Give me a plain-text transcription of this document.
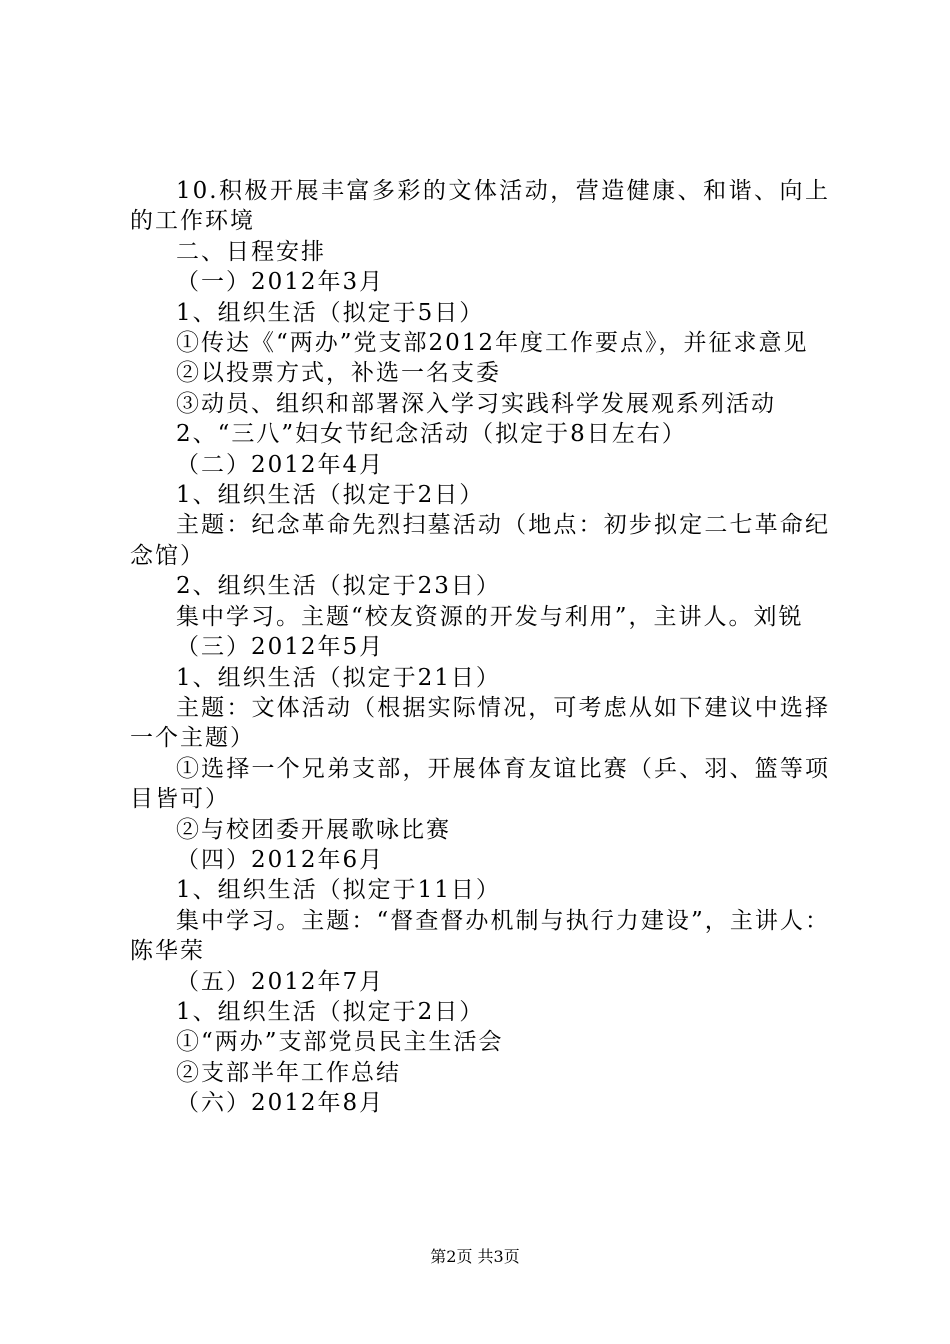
10.积极开展丰富多彩的文体活动，营造健康、和谐、向上的工作环境

二、日程安排

（一）2012年3月

1、组织生活（拟定于5日）

①传达《“两办”党支部2012年度工作要点》，并征求意见

②以投票方式，补选一名支委

③动员、组织和部署深入学习实践科学发展观系列活动

2、“三八”妇女节纪念活动（拟定于8日左右）

（二）2012年4月

1、组织生活（拟定于2日）

主题：纪念革命先烈扫墓活动（地点：初步拟定二七革命纪念馆）

2、组织生活（拟定于23日）

集中学习。主题“校友资源的开发与利用”，主讲人。刘锐

（三）2012年5月

1、组织生活（拟定于21日）

主题：文体活动（根据实际情况，可考虑从如下建议中选择一个主题）

①选择一个兄弟支部，开展体育友谊比赛（乒、羽、篮等项目皆可）

②与校团委开展歌咏比赛

（四）2012年6月

1、组织生活（拟定于11日）

集中学习。主题：“督查督办机制与执行力建设”，主讲人：陈华荣

（五）2012年7月

1、组织生活（拟定于2日）

①“两办”支部党员民主生活会

②支部半年工作总结

（六）2012年8月

第2页 共3页
